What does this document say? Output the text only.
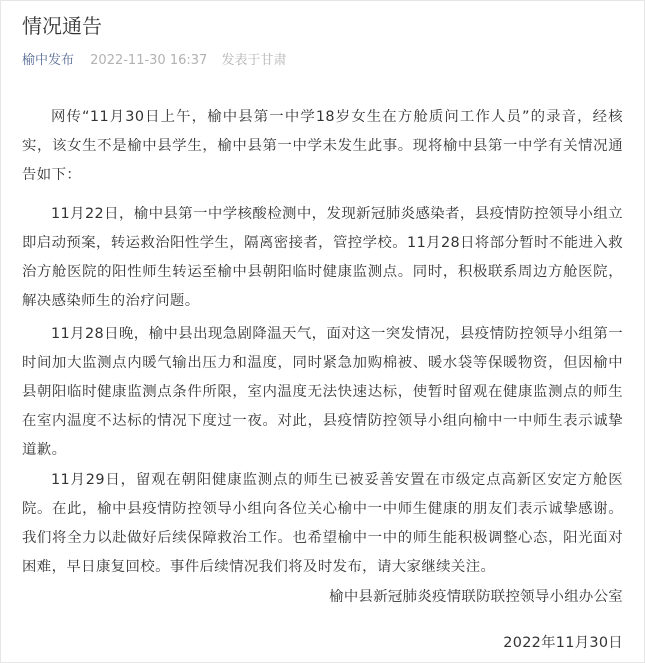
情况通告
榆中发布 2022-11-30 16:37 发表于甘肃

网传“11月30日上午，榆中县第一中学18岁女生在方舱质问工作人员”的录音，经核实，该女生不是榆中县学生，榆中县第一中学未发生此事。现将榆中县第一中学有关情况通告如下：

11月22日，榆中县第一中学核酸检测中，发现新冠肺炎感染者，县疫情防控领导小组立即启动预案，转运救治阳性学生，隔离密接者，管控学校。11月28日将部分暂时不能进入救治方舱医院的阳性师生转运至榆中县朝阳临时健康监测点。同时，积极联系周边方舱医院，解决感染师生的治疗问题。

11月28日晚，榆中县出现急剧降温天气，面对这一突发情况，县疫情防控领导小组第一时间加大监测点内暖气输出压力和温度，同时紧急加购棉被、暖水袋等保暖物资，但因榆中县朝阳临时健康监测点条件所限，室内温度无法快速达标，使暂时留观在健康监测点的师生在室内温度不达标的情况下度过一夜。对此，县疫情防控领导小组向榆中一中师生表示诚挚道歉。

11月29日，留观在朝阳健康监测点的师生已被妥善安置在市级定点高新区安定方舱医院。在此，榆中县疫情防控领导小组向各位关心榆中一中师生健康的朋友们表示诚挚感谢。我们将全力以赴做好后续保障救治工作。也希望榆中一中的师生能积极调整心态，阳光面对困难，早日康复回校。事件后续情况我们将及时发布，请大家继续关注。

榆中县新冠肺炎疫情联防联控领导小组办公室
2022年11月30日
